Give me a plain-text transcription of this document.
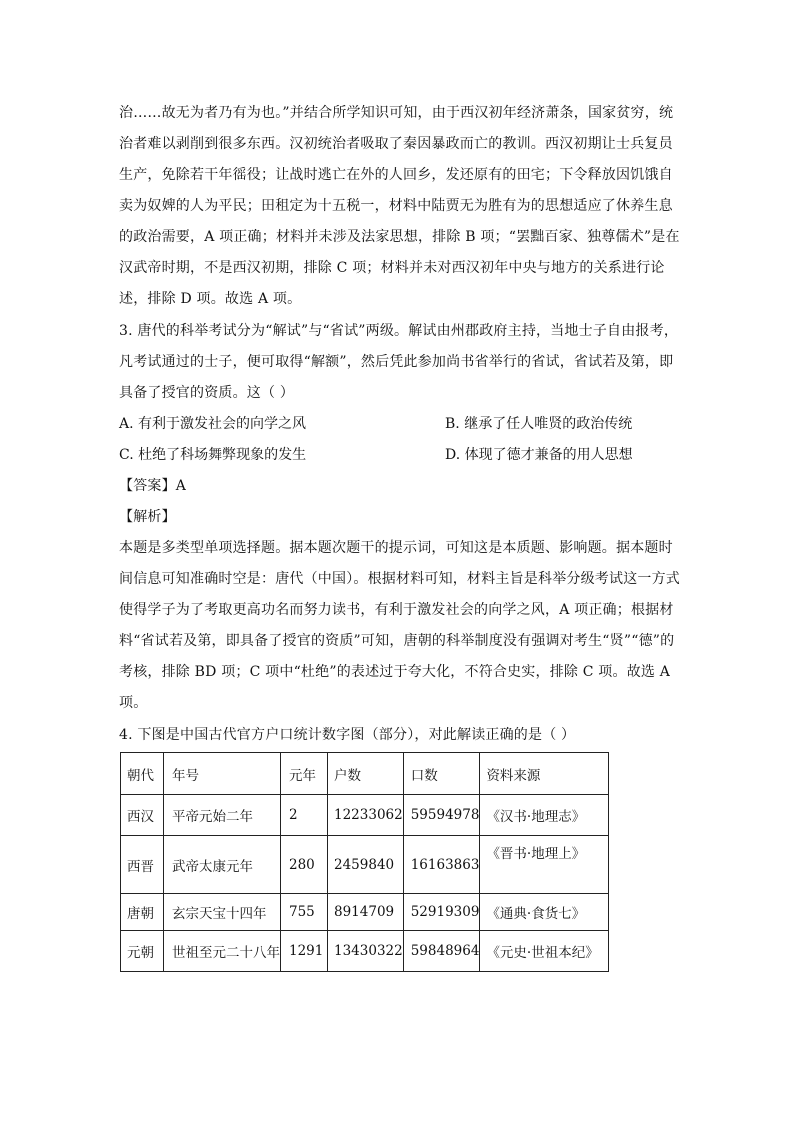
治……故无为者乃有为也。”并结合所学知识可知，由于西汉初年经济萧条，国家贫穷，统
治者难以剥削到很多东西。汉初统治者吸取了秦因暴政而亡的教训。西汉初期让士兵复员
生产，免除若干年徭役；让战时逃亡在外的人回乡，发还原有的田宅；下令释放因饥饿自
卖为奴婢的人为平民；田租定为十五税一，材料中陆贾无为胜有为的思想适应了休养生息
的政治需要，A 项正确；材料并未涉及法家思想，排除 B 项；“罢黜百家、独尊儒术”是在
汉武帝时期，不是西汉初期，排除 C 项；材料并未对西汉初年中央与地方的关系进行论
述，排除 D 项。故选 A 项。
3. 唐代的科举考试分为“解试”与“省试”两级。解试由州郡政府主持，当地士子自由报考，
凡考试通过的士子，便可取得“解额”，然后凭此参加尚书省举行的省试，省试若及第，即
具备了授官的资质。这（ ）
A. 有利于激发社会的向学之风	B. 继承了任人唯贤的政治传统
C. 杜绝了科场舞弊现象的发生	D. 体现了德才兼备的用人思想
【答案】A
【解析】
本题是多类型单项选择题。据本题次题干的提示词，可知这是本质题、影响题。据本题时
间信息可知准确时空是：唐代（中国）。根据材料可知，材料主旨是科举分级考试这一方式
使得学子为了考取更高功名而努力读书，有利于激发社会的向学之风，A 项正确；根据材
料“省试若及第，即具备了授官的资质”可知，唐朝的科举制度没有强调对考生“贤”“德”的
考核，排除 BD 项；C 项中“杜绝”的表述过于夸大化，不符合史实，排除 C 项。故选 A
项。
4. 下图是中国古代官方户口统计数字图（部分），对此解读正确的是（ ）
朝代	年号	元年	户数	口数	资料来源
西汉	平帝元始二年	2	12233062	59594978	《汉书·地理志》
西晋	武帝太康元年	280	2459840	16163863	《晋书·地理上》
唐朝	玄宗天宝十四年	755	8914709	52919309	《通典·食货七》
元朝	世祖至元二十八年	1291	13430322	59848964	《元史·世祖本纪》
